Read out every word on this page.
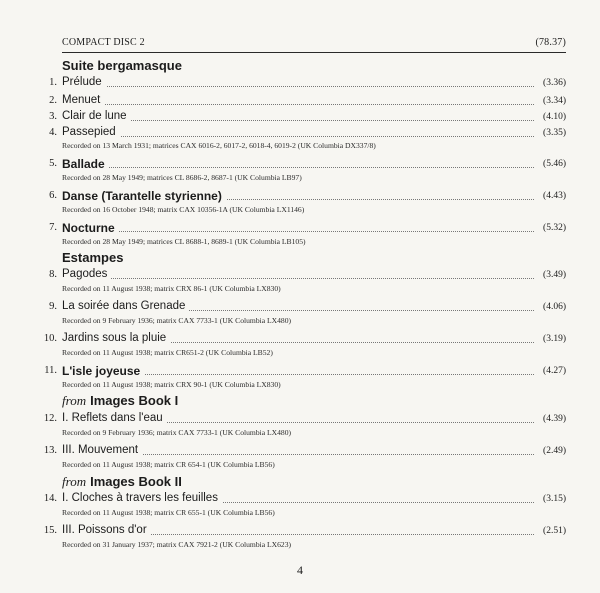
COMPACT DISC 2	(78.37)
Suite bergamasque
1. Prélude	(3.36)
2. Menuet	(3.34)
3. Clair de lune	(4.10)
4. Passepied	(3.35)
Recorded on 13 March 1931; matrices CAX 6016-2, 6017-2, 6018-4, 6019-2 (UK Columbia DX337/8)
5. Ballade	(5.46)
Recorded on 28 May 1949; matrices CL 8686-2, 8687-1 (UK Columbia LB97)
6. Danse (Tarantelle styrienne)	(4.43)
Recorded on 16 October 1948; matrix CAX 10356-1A (UK Columbia LX1146)
7. Nocturne	(5.32)
Recorded on 28 May 1949; matrices CL 8688-1, 8689-1 (UK Columbia LB105)
Estampes
8. Pagodes	(3.49)
Recorded on 11 August 1938; matrix CRX 86-1 (UK Columbia LX830)
9. La soirée dans Grenade	(4.06)
Recorded on 9 February 1936; matrix CAX 7733-1 (UK Columbia LX480)
10. Jardins sous la pluie	(3.19)
Recorded on 11 August 1938; matrix CR651-2 (UK Columbia LB52)
11. L'isle joyeuse	(4.27)
Recorded on 11 August 1938; matrix CRX 90-1 (UK Columbia LX830)
from Images Book I
12. I. Reflets dans l'eau	(4.39)
Recorded on 9 February 1936; matrix CAX 7733-1 (UK Columbia LX480)
13. III. Mouvement	(2.49)
Recorded on 11 August 1938; matrix CR 654-1 (UK Columbia LB56)
from Images Book II
14. I. Cloches à travers les feuilles	(3.15)
Recorded on 11 August 1938; matrix CR 655-1 (UK Columbia LB56)
15. III. Poissons d'or	(2.51)
Recorded on 31 January 1937; matrix CAX 7921-2 (UK Columbia LX623)
4
